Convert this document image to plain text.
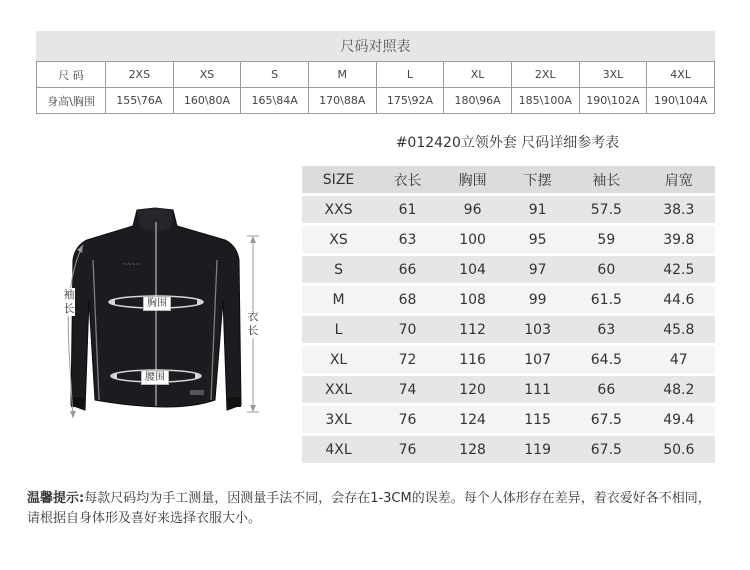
尺码对照表
尺 码	2XS	XS	S	M	L	XL	2XL	3XL	4XL
身高\胸围	155\76A	160\80A	165\84A	170\88A	175\92A	180\96A	185\100A	190\102A	190\104A
#012420立领外套 尺码详细参考表
SIZE	衣长	胸围	下摆	袖长	肩宽
XXS	61	96	91	57.5	38.3
XS	63	100	95	59	39.8
S	66	104	97	60	42.5
M	68	108	99	61.5	44.6
L	70	112	103	63	45.8
XL	72	116	107	64.5	47
XXL	74	120	111	66	48.2
3XL	76	124	115	67.5	49.4
4XL	76	128	119	67.5	50.6
~~~~
胸围
腰围
衣长
袖长
温馨提示:每款尺码均为手工测量，因测量手法不同，会存在1-3CM的误差。每个人体形存在差异，着衣爱好各不相同，请根据自身体形及喜好来选择衣服大小。
